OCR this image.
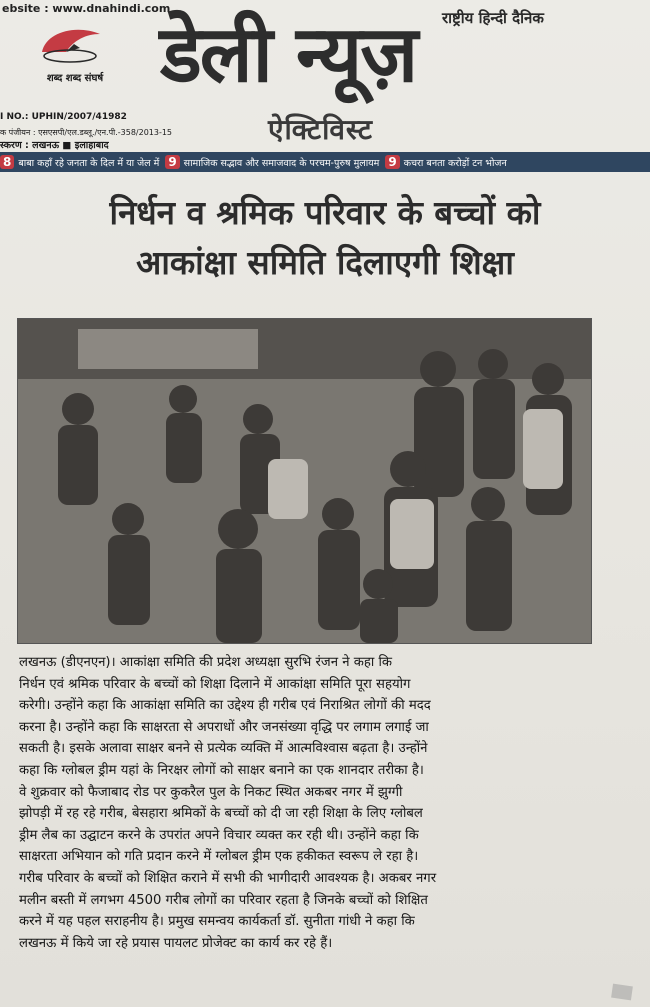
ebsite : www.dnahindi.com
राष्ट्रीय हिन्दी दैनिक
शब्द शब्द संघर्ष डेली न्यूज़
ऐक्टिविस्ट
I NO.: UPHIN/2007/41982
क पंजीयन : एसएसपी/एल.डब्लू./एन.पी.-358/2013-15
स्करण : लखनऊ ■ इलाहाबाद
8 बाबा कहाँ रहे जनता के दिल में या जेल में 9 सामाजिक सद्भाव और समाजवाद के परचम-पुरुष मुलायम 9 कचरा बनता करोड़ों टन भोजन
निर्धन व श्रमिक परिवार के बच्चों को
आकांक्षा समिति दिलाएगी शिक्षा
लखनऊ (डीएनएन)। आकांक्षा समिति की प्रदेश अध्यक्षा सुरभि रंजन ने कहा कि
निर्धन एवं श्रमिक परिवार के बच्चों को शिक्षा दिलाने में आकांक्षा समिति पूरा सहयोग
करेगी। उन्होंने कहा कि आकांक्षा समिति का उद्देश्य ही गरीब एवं निराश्रित लोगों की मदद
करना है। उन्होंने कहा कि साक्षरता से अपराधों और जनसंख्या वृद्धि पर लगाम लगाई जा
सकती है। इसके अलावा साक्षर बनने से प्रत्येक व्यक्ति में आत्मविश्वास बढ़ता है। उन्होंने
कहा कि ग्लोबल ड्रीम यहां के निरक्षर लोगों को साक्षर बनाने का एक शानदार तरीका है।
वे शुक्रवार को फैजाबाद रोड पर कुकरैल पुल के निकट स्थित अकबर नगर में झुग्गी
झोपड़ी में रह रहे गरीब, बेसहारा श्रमिकों के बच्चों को दी जा रही शिक्षा के लिए ग्लोबल
ड्रीम लैब का उद्घाटन करने के उपरांत अपने विचार व्यक्त कर रही थी। उन्होंने कहा कि
साक्षरता अभियान को गति प्रदान करने में ग्लोबल ड्रीम एक हकीकत स्वरूप ले रहा है।
गरीब परिवार के बच्चों को शिक्षित कराने में सभी की भागीदारी आवश्यक है। अकबर नगर
मलीन बस्ती में लगभग 4500 गरीब लोगों का परिवार रहता है जिनके बच्चों को शिक्षित
करने में यह पहल सराहनीय है। प्रमुख समन्वय कार्यकर्ता डॉ. सुनीता गांधी ने कहा कि
लखनऊ में किये जा रहे प्रयास पायलट प्रोजेक्ट का कार्य कर रहे हैं।
